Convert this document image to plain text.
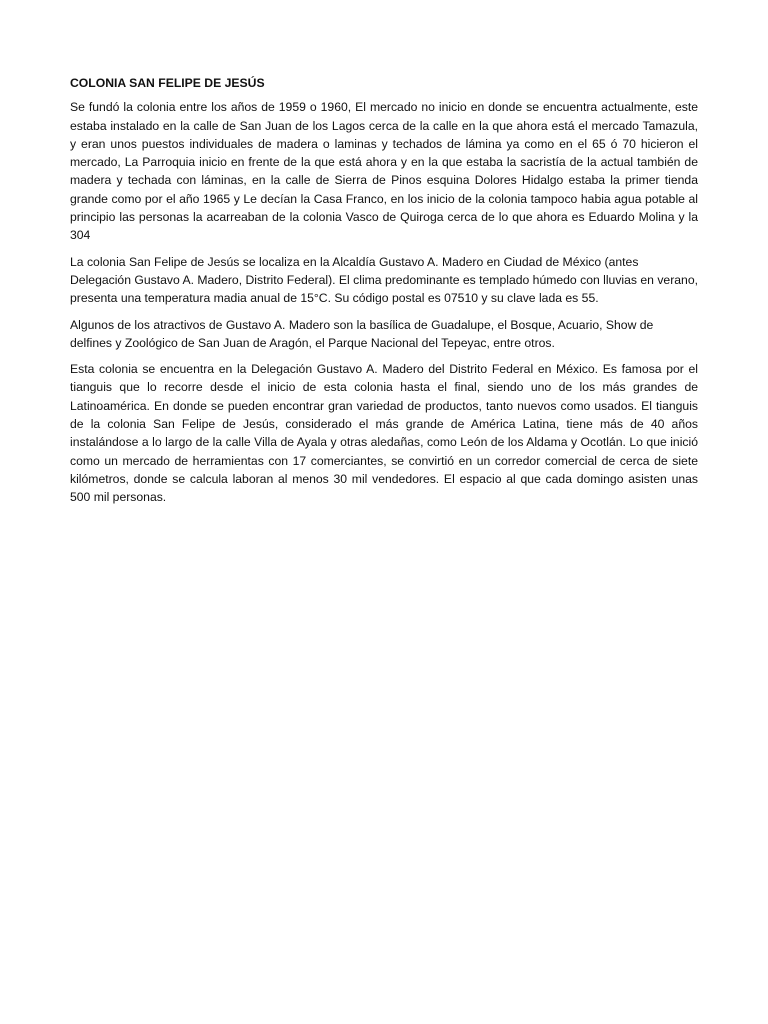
COLONIA SAN FELIPE DE JESÚS

Se fundó la colonia entre los años de 1959 o 1960, El mercado no inicio en donde se encuentra actualmente, este estaba instalado en la calle de San Juan de los Lagos cerca de la calle en la que ahora está el mercado Tamazula, y eran unos puestos individuales de madera o laminas y techados de lámina ya como en el 65 ó 70 hicieron el mercado, La Parroquia inicio en frente de la que está ahora y en la que estaba la sacristía de la actual también de madera y techada con láminas, en la calle de Sierra de Pinos esquina Dolores Hidalgo estaba la primer tienda grande como por el año 1965 y Le decían la Casa Franco, en los inicio de la colonia tampoco habia agua potable al principio las personas la acarreaban de la colonia Vasco de Quiroga cerca de lo que ahora es Eduardo Molina y la 304

La colonia San Felipe de Jesús se localiza en la Alcaldía Gustavo A. Madero en Ciudad de México (antes Delegación Gustavo A. Madero, Distrito Federal). El clima predominante es templado húmedo con lluvias en verano, presenta una temperatura madia anual de 15°C. Su código postal es 07510 y su clave lada es 55.

Algunos de los atractivos de Gustavo A. Madero son la basílica de Guadalupe, el Bosque, Acuario, Show de delfines y Zoológico de San Juan de Aragón, el Parque Nacional del Tepeyac, entre otros.

Esta colonia se encuentra en la Delegación Gustavo A. Madero del Distrito Federal en México. Es famosa por el tianguis que lo recorre desde el inicio de esta colonia hasta el final, siendo uno de los más grandes de Latinoamérica. En donde se pueden encontrar gran variedad de productos, tanto nuevos como usados. El tianguis de la colonia San Felipe de Jesús, considerado el más grande de América Latina, tiene más de 40 años instalándose a lo largo de la calle Villa de Ayala y otras aledañas, como León de los Aldama y Ocotlán. Lo que inició como un mercado de herramientas con 17 comerciantes, se convirtió en un corredor comercial de cerca de siete kilómetros, donde se calcula laboran al menos 30 mil vendedores. El espacio al que cada domingo asisten unas 500 mil personas.
